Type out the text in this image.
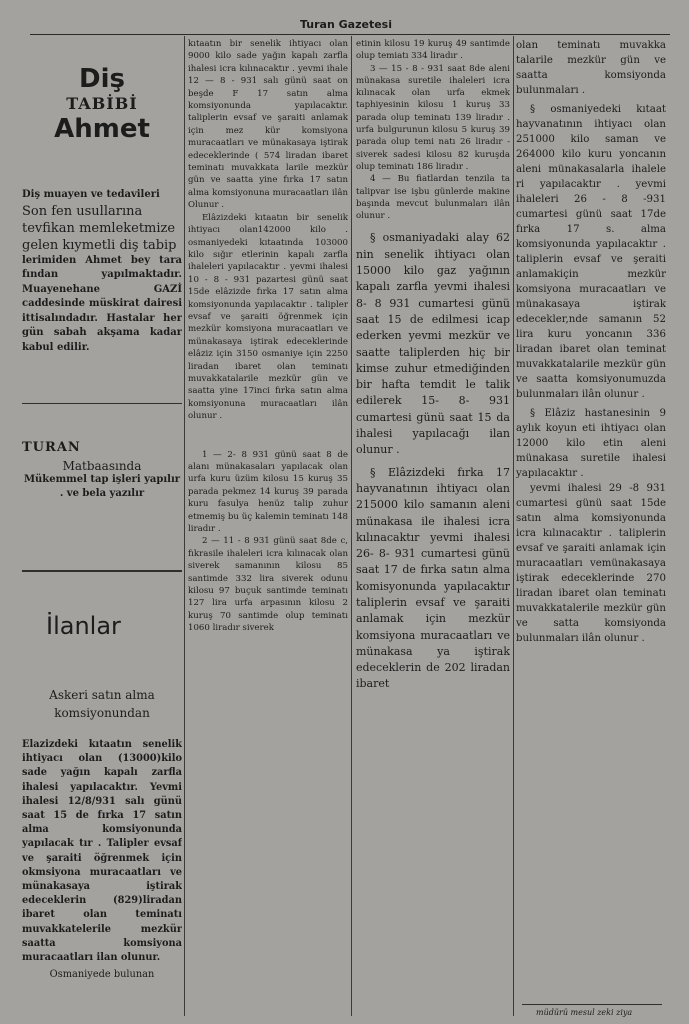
Turan Gazetesi
Diş
TABİBİ
Ahmet
Diş muayen ve tedavileri
Son fen usullarına
tevfikan memleketmize
gelen kıymetli diş tabip
lerimiden Ahmet bey tara fından yapılmaktadır. Muayenehane GAZİ caddesinde müskirat dairesi ittisalındadır. Hastalar her gün sabah akşama kadar kabul edilir.
TURAN
Matbaasında
Mükemmel tap işleri yapılır . ve bela yazılır
İlanlar
Askeri satın alma
komsiyonundan

Elazizdeki kıtaatın senelik ihtiyacı olan (13000)kilo sade yağın kapalı zarfla ihalesi yapılacaktır. Yevmi ihalesi 12/8/931 salı günü saat 15 de fırka 17 satın alma komsiyonunda yapılacak tır . Talipler evsaf ve şaraiti öğrenmek için okmsiyona muracaatları ve münakasaya iştirak edeceklerin (829)liradan ibaret olan teminatı muvakkatelerile mezkür saatta komsiyona muracaatları ilan olunur.

Osmaniyede bulunan

kıtaatın bir senelik ihtiyacı olan 9000 kilo sade yağın kapalı zarfla ihalesi icra kılınacaktır . yevmi ihale 12 — 8 - 931 salı günü saat on beşde F 17 satın alma komsiyonunda yapılacaktır. taliplerin evsaf ve şaraiti anlamak için mez kür komsiyona muracaatları ve münakasaya iştirak edeceklerinde ( 574 liradan ibaret teminatı muvakkata larile mezkür gün ve saatta yine fırka 17 satın alma komsiyonuna muracaatları ilân Olunur .

Elâzizdeki kıtaatın bir senelik ihtiyacı olan142000 kilo . osmaniyedeki kıtaatında 103000 kilo sığır etlerinin kapalı zarfla ihaleleri yapılacaktır . yevmi ihalesi 10 - 8 - 931 pazartesi günü saat 15de elâzizde fırka 17 satın alma komsiyonunda yapılacaktır . talipler evsaf ve şaraiti öğrenmek için mezkür komsiyona muracaatları ve münakasaya iştirak edeceklerinde elâziz için 3150 osmaniye için 2250 liradan ibaret olan teminatı muvakkatalarile mezkür gün ve saatta yine 17inci fırka satın alma komsiyonuna muracaatları ilân olunur .

1 — 2- 8 931 günü saat 8 de alanı münakasaları yapılacak olan urfa kuru üzüm kilosu 15 kuruş 35 parada pekmez 14 kuruş 39 parada kuru fasulya henüz talip zuhur etmemiş bu üç kalemin teminatı 148 liradır .

2 — 11 - 8 931 günü saat 8de c, fıkrasile ihaleleri icra kılınacak olan siverek samanının kilosu 85 santimde 332 lira siverek odunu kilosu 97 buçuk santimde teminatı 127 lira urfa arpasının kilosu 2 kuruş 70 santimde olup teminatı 1060 liradır siverek

etinin kilosu 19 kuruş 49 santimde olup temiatı 334 liradır .

3 — 15 - 8 - 931 saat 8de aleni münakasa suretile ihaleleri icra kılınacak olan urfa ekmek taphiyesinin kilosu 1 kuruş 33 parada olup teminatı 139 liradır . urfa bulgurunun kilosu 5 kuruş 39 parada olup temi natı 26 liradır - siverek sadesi kilosu 82 kuruşda olup teminatı 186 liradır .

4 — Bu fiatlardan tenzila ta talipvar ise işbu günlerde makine başında mevcut bulunmaları ilân olunur .

§ osmaniyadaki alay 62 nin senelik ihtiyacı olan 15000 kilo gaz yağının kapalı zarfla yevmi ihalesi 8- 8 931 cumartesi günü saat 15 de edilmesi icap ederken yevmi mezkür ve saatte taliplerden hiç bir kimse zuhur etmediğinden bir hafta temdit le talik edilerek 15- 8- 931 cumartesi günü saat 15 da ihalesi yapılacağı ilan olunur .

§ Elâzizdeki fırka 17 hayvanatının ihtiyacı olan 215000 kilo samanın aleni münakasa ile ihalesi icra kılınacaktır yevmi ihalesi 26- 8- 931 cumartesi günü saat 17 de fırka satın alma komisyonunda yapılacaktır taliplerin evsaf ve şaraiti anlamak için mezkür komsiyona muracaatları ve münakasa ya iştirak edeceklerin de 202 liradan ibaret

olan teminatı muvakka talarile mezkür gün ve saatta komsiyonda bulunmaları .

§ osmaniyedeki kıtaat hayvanatının ihtiyacı olan 251000 kilo saman ve 264000 kilo kuru yoncanın aleni münakasalarla ihalele ri yapılacaktır . yevmi ihaleleri 26 - 8 -931 cumartesi günü saat 17de fırka 17 s. alma komsiyonunda yapılacaktır . taliplerin evsaf ve şeraiti anlamakiçin mezkür komsiyona muracaatları ve münakasaya iştirak edecekler,nde samanın 52 lira kuru yoncanın 336 liradan ibaret olan teminat muvakkatalarile mezkür gün ve saatta komsiyonumuzda bulunmaları ilân olunur .

§ Elâziz hastanesinin 9 aylık koyun eti ihtiyacı olan 12000 kilo etin aleni münakasa suretile ihalesi yapılacaktır .

yevmi ihalesi 29 -8 931 cumartesi günü saat 15de satın alma komsiyonunda icra kılınacaktır . taliplerin evsaf ve şaraiti anlamak için muracaatları vemünakasaya iştirak edeceklerinde 270 liradan ibaret olan teminatı muvakkatalerile mezkür gün ve satta komsiyonda bulunmaları ilân olunur .

müdürü mesul zeki ziya
